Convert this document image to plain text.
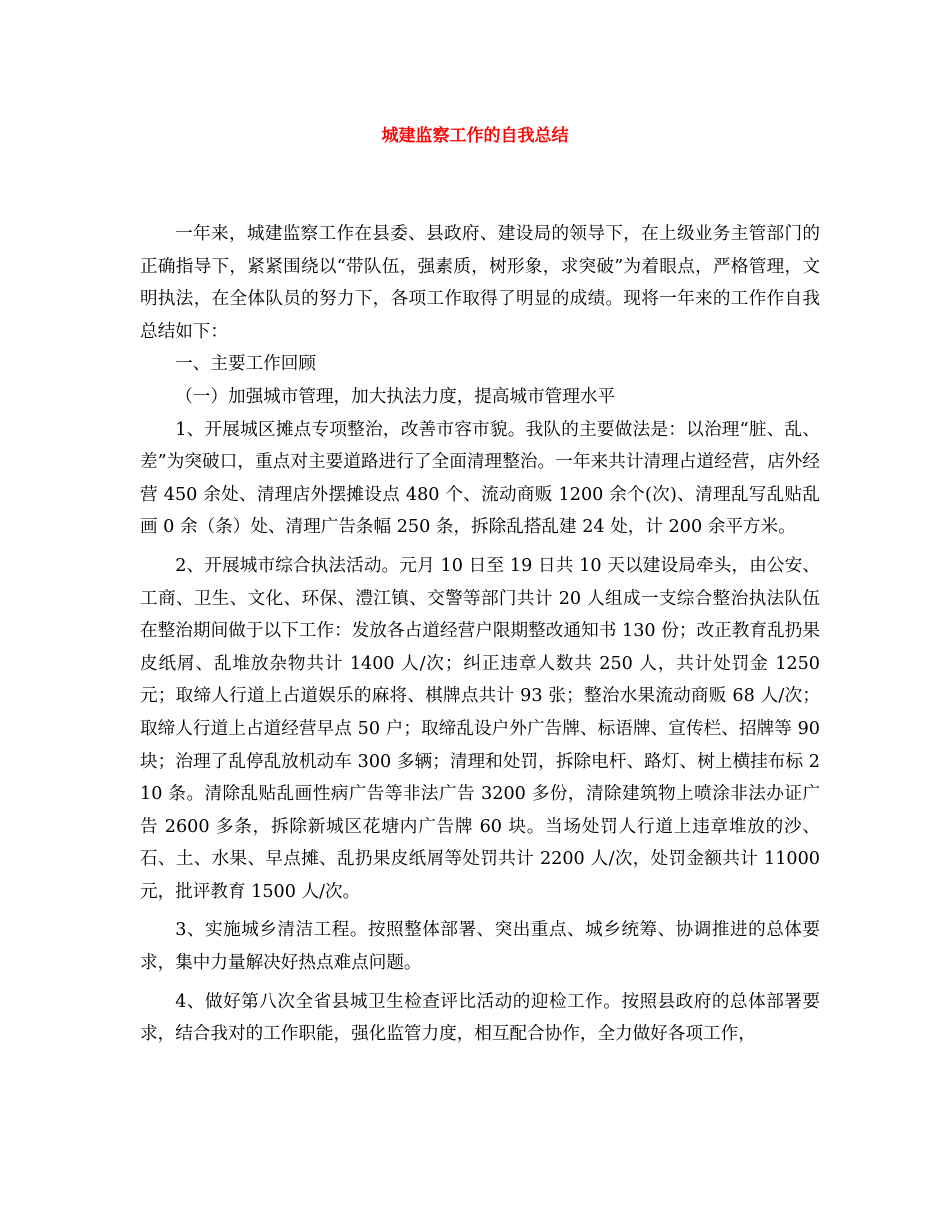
城建监察工作的自我总结

一年来，城建监察工作在县委、县政府、建设局的领导下，在上级业务主管部门的正确指导下，紧紧围绕以“带队伍，强素质，树形象，求突破”为着眼点，严格管理，文明执法，在全体队员的努力下，各项工作取得了明显的成绩。现将一年来的工作作自我总结如下：

一、主要工作回顾

（一）加强城市管理，加大执法力度，提高城市管理水平

1、开展城区摊点专项整治，改善市容市貌。我队的主要做法是：以治理“脏、乱、差”为突破口，重点对主要道路进行了全面清理整治。一年来共计清理占道经营，店外经营 450 余处、清理店外摆摊设点 480 个、流动商贩 1200 余个(次)、清理乱写乱贴乱画 0 余（条）处、清理广告条幅 250 条，拆除乱搭乱建 24 处，计 200 余平方米。

2、开展城市综合执法活动。元月 10 日至 19 日共 10 天以建设局牵头，由公安、工商、卫生、文化、环保、澧江镇、交警等部门共计 20 人组成一支综合整治执法队伍在整治期间做于以下工作：发放各占道经营户限期整改通知书 130 份；改正教育乱扔果皮纸屑、乱堆放杂物共计 1400 人/次；纠正违章人数共 250 人，共计处罚金 1250 元；取缔人行道上占道娱乐的麻将、棋牌点共计 93 张；整治水果流动商贩 68 人/次；取缔人行道上占道经营早点 50 户；取缔乱设户外广告牌、标语牌、宣传栏、招牌等 90 块；治理了乱停乱放机动车 300 多辆；清理和处罚，拆除电杆、路灯、树上横挂布标 210 条。清除乱贴乱画性病广告等非法广告 3200 多份，清除建筑物上喷涂非法办证广告 2600 多条，拆除新城区花塘内广告牌 60 块。当场处罚人行道上违章堆放的沙、石、土、水果、早点摊、乱扔果皮纸屑等处罚共计 2200 人/次，处罚金额共计 11000 元，批评教育 1500 人/次。

3、实施城乡清洁工程。按照整体部署、突出重点、城乡统筹、协调推进的总体要求，集中力量解决好热点难点问题。

4、做好第八次全省县城卫生检查评比活动的迎检工作。按照县政府的总体部署要求，结合我对的工作职能，强化监管力度，相互配合协作，全力做好各项工作，
